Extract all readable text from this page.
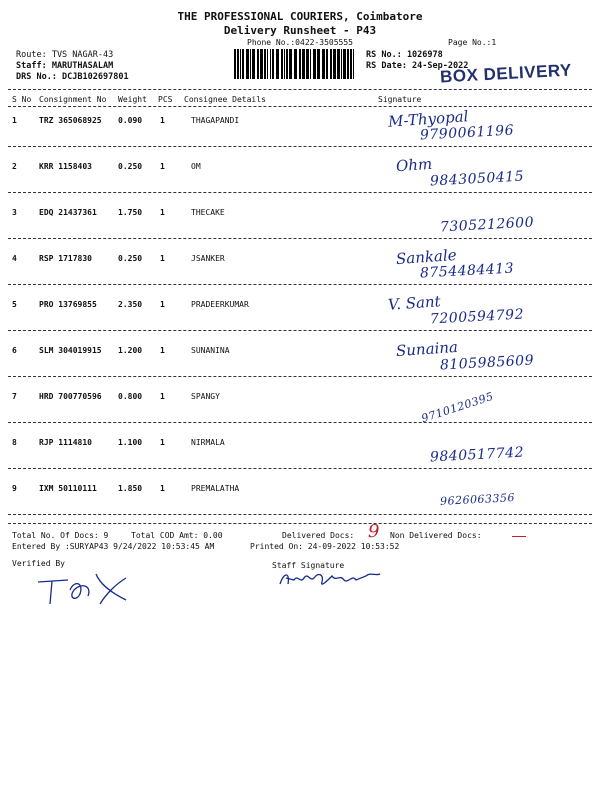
THE PROFESSIONAL COURIERS, Coimbatore
Delivery Runsheet - P43
Phone No.:0422-3505555	Page No.:1
Route: TVS NAGAR-43
Staff: MARUTHASALAM
DRS No.: DCJB102697801
RS No.: 1026978
RS Date: 24-Sep-2022
BOX DELIVERY
S No Consignment No Weight PCS Consignee Details	Signature
1	TRZ 365068925 0.090 1	THAGAPANDI	M-Thyopal
9790061196
2	KRR 1158403	0.250 1	OM	Ohm
9843050415
3	EDQ 21437361	1.750 1	THECAKE
7305212600
4	RSP 1717830	0.250 1	JSANKER	Sankale
8754484413
5	PRO 13769855	2.350 1	PRADEERKUMAR	V. Sant
7200594792
6	SLM 304019915 1.200 1	SUNANINA	Sunaina
8105985609
7	HRD 700770596 0.800 1	SPANGY	9710120395
8	RJP 1114810	1.100 1	NIRMALA
9840517742
9	IXM 50110111	1.850 1	PREMALATHA
9626063356
Total No. Of Docs: 9	Total COD Amt: 0.00	Delivered Docs: 9 Non Delivered Docs:
Entered By :SURYAP43 9/24/2022 10:53:45 AM	Printed On: 24-09-2022 10:53:52
Verified By	Staff Signature
